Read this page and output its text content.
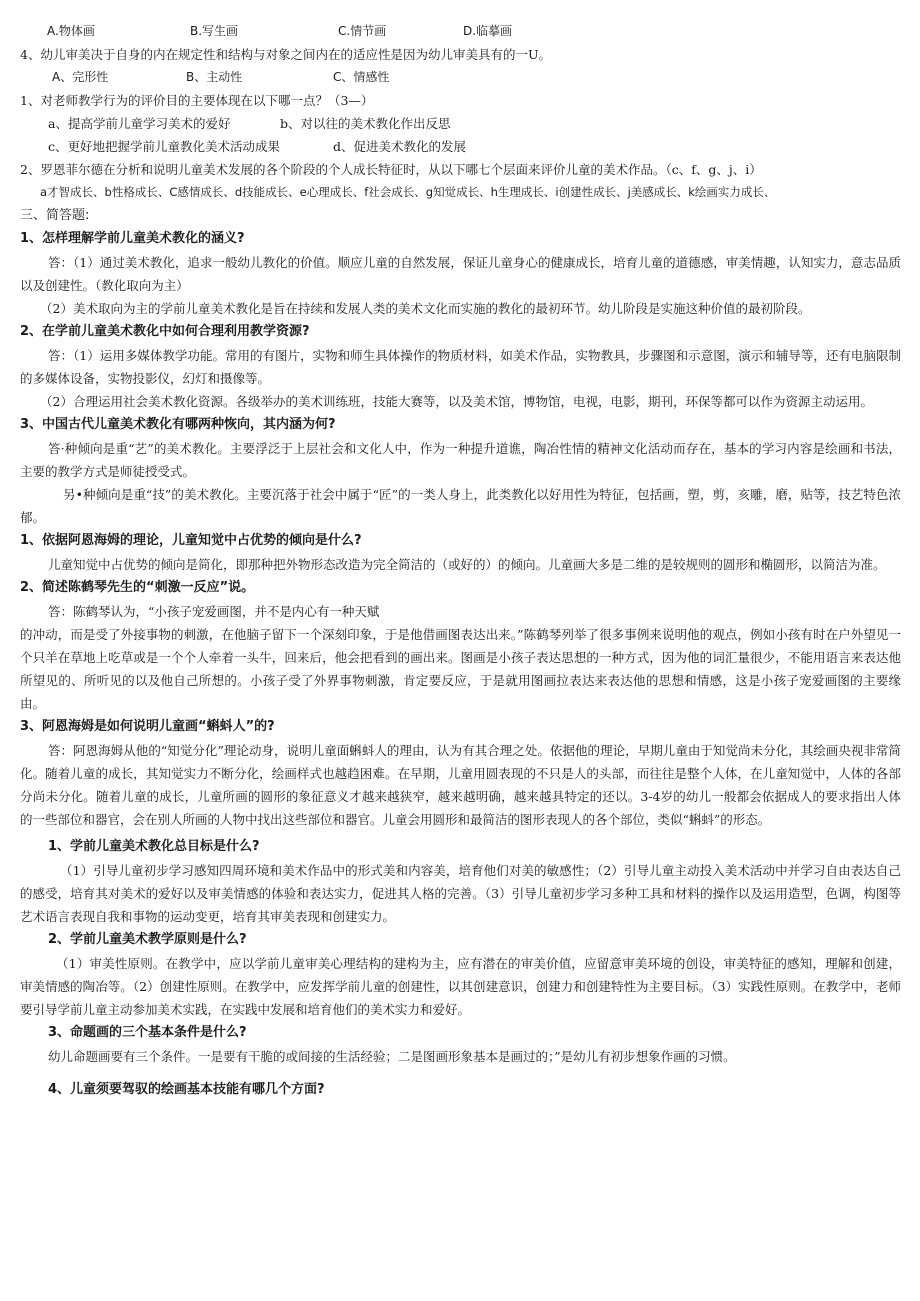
A.物体画	B.写生画	C.情节画	D.临摹画
4、幼儿审美决于自身的内在规定性和结构与对象之间内在的适应性是因为幼儿审美具有的一U。
A、完形性	B、主动性	C、情感性
1、对老师教学行为的评价目的主要体现在以下哪一点？（3—）
a、提高学前儿童学习美术的爱好	b、对以往的美术教化作出反思
c、更好地把握学前儿童教化美术活动成果	d、促进美术教化的发展
2、罗恩菲尔德在分析和说明儿童美术发展的各个阶段的个人成长特征时，从以下哪七个层面来评价儿童的美术作品。（c、f、g、j、i）
a才智成长、b性格成长、C感情成长、d技能成长、e心理成长、f社会成长、g知觉成长、h生理成长、i创建性成长、j美感成长、k绘画实力成长、
三、简答题:
1、怎样理解学前儿童美术教化的涵义?

答：（1）通过美术教化，追求一般幼儿教化的价值。顺应儿童的自然发展，保证儿童身心的健康成长，培育儿童的道德感，审美情趣，认知实力，意志品质以及创建性。（教化取向为主）

（2）美术取向为主的学前儿童美术教化是旨在持续和发展人类的美术文化而实施的教化的最初环节。幼儿阶段是实施这种价值的最初阶段。

2、在学前儿童美术教化中如何合理利用教学资源?

答：（1）运用多媒体教学功能。常用的有图片，实物和师生具体操作的物质材料，如美术作品，实物教具，步骤图和示意图，演示和辅导等，还有电脑限制的多媒体设备，实物投影仪，幻灯和摄像等。

（2）合理运用社会美术教化资源。各级举办的美术训练班，技能大赛等，以及美术馆，博物馆，电视，电影，期刊，环保等都可以作为资源主动运用。

3、中国古代儿童美术教化有哪两种恢向，其内涵为何?

答·种倾向是重“艺”的美术教化。主要浮泛于上层社会和文化人中，作为一种提升道谯，陶冶性情的精神文化活动而存在，基本的学习内容是绘画和书法，主要的教学方式是师徒授受式。

另•种倾向是重“技”的美术教化。主要沉落于社会中属于“匠”的一类人身上，此类教化以好用性为特征，包括画，塑，剪，亥雕，磨，贴等，技艺特色浓郁。

1、依据阿恩海姆的理论，儿童知觉中占优势的倾向是什么?

儿童知觉中占优势的倾向是简化，即那种把外物形态改造为完全简洁的（或好的）的倾向。儿童画大多是二维的是较规则的圆形和椭圆形，以简洁为准。

2、简述陈鹤琴先生的“刺激一反应”说。

答：陈鹤琴认为，“小孩子宠爱画图，并不是内心有一种天赋

的冲动，而是受了外接事物的刺激，在他脑子留下一个深刻印象，于是他借画图表达出来。”陈鹤琴列举了很多事例来说明他的观点，例如小孩有时在户外望见一个只羊在草地上吃草或是一个个人牵着一头牛，回来后，他会把看到的画出来。图画是小孩子表达思想的一种方式，因为他的词汇量很少，不能用语言来表达他所望见的、所听见的以及他自己所想的。小孩子受了外界事物刺激，肯定要反应，于是就用图画拉表达来表达他的思想和情感，这是小孩子宠爱画图的主要缘由。

3、阿恩海姆是如何说明儿童画“蝌蚪人”的?

答：阿恩海姆从他的“知觉分化”理论动身，说明儿童面蝌蚪人的理由，认为有其合理之处。依据他的理论，早期儿童由于知觉尚未分化，其绘画央视非常简化。随着儿童的成长，其知觉实力不断分化，绘画样式也越趋困难。在早期，儿童用圆表现的不只是人的头部，而往往是整个人体，在儿童知觉中，人体的各部分尚未分化。随着儿童的成长，儿童所画的圆形的象征意义才越来越狭窄，越来越明确，越来越具特定的还以。3-4岁的幼儿一般都会依据成人的要求指出人体的一些部位和器官，会在别人所画的人物中找出这些部位和器官。儿童会用圆形和最简洁的图形表现人的各个部位，类似“蝌蚪”的形态。

1、学前儿童美术教化总目标是什么?

（1）引导儿童初步学习感知四周环境和美术作品中的形式美和内容美，培育他们对美的敏感性；（2）引导儿童主动投入美术活动中并学习自由表达自己的感受，培育其对美术的爱好以及审美情感的体验和表达实力，促进其人格的完善。（3）引导儿童初步学习多种工具和材料的操作以及运用造型，色调，构图等艺术语言表现自我和事物的运动变更，培育其审美表现和创建实力。

2、学前儿童美术教学原则是什么?

（1）审美性原则。在教学中，应以学前儿童审美心理结构的建构为主，应有潜在的审美价值，应留意审美环境的创设，审美特征的感知，理解和创建，审美情感的陶冶等。（2）创建性原则。在教学中，应发挥学前儿童的创建性，以其创建意识，创建力和创建特性为主要目标。（3）实践性原则。在教学中，老师要引导学前儿童主动参加美术实践，在实践中发展和培育他们的美术实力和爱好。

3、命题画的三个基本条件是什么?

幼儿命题画要有三个条件。一是要有干脆的或间接的生活经验；二是图画形象基本是画过的；”是幼儿有初步想象作画的习惯。

4、儿童须要驾驭的绘画基本技能有哪几个方面?
